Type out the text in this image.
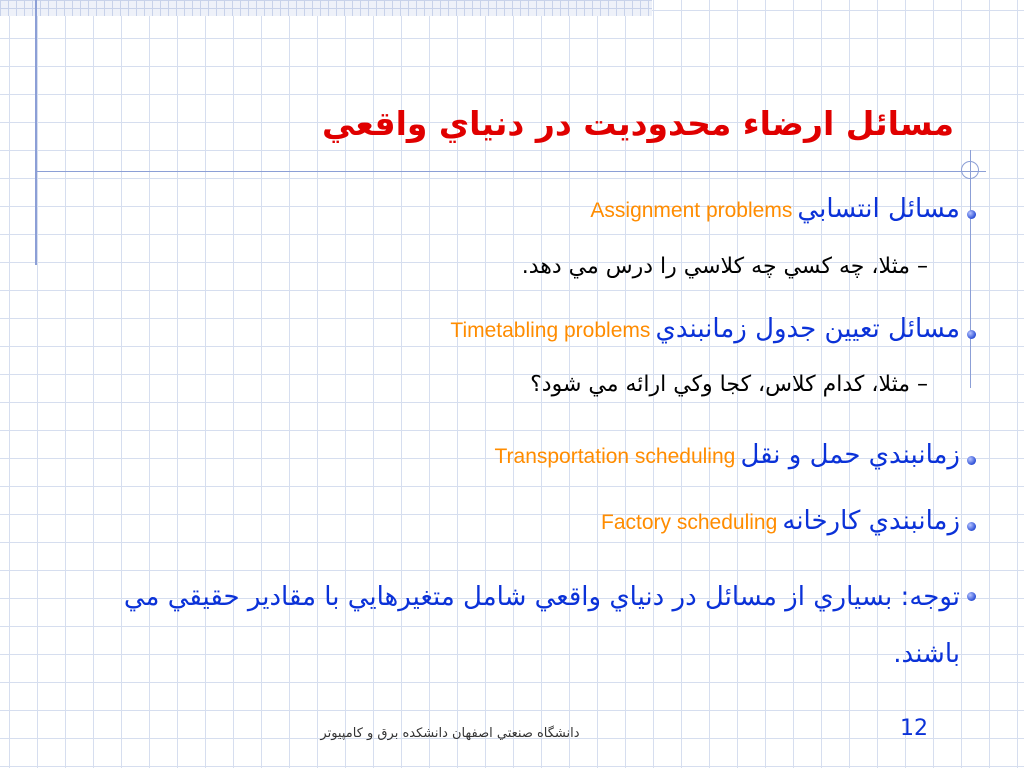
مسائل ارضاء محدوديت در دنياي واقعي
مسائل انتسابي Assignment problems
– مثلا، چه کسي چه کلاسي را درس مي دهد.
مسائل تعيين جدول زمانبندي Timetabling problems
– مثلا، کدام کلاس، کجا وکي ارائه مي شود؟
زمانبندي حمل و نقل Transportation scheduling
زمانبندي کارخانه Factory scheduling
توجه: بسياري از مسائل در دنياي واقعي شامل متغيرهايي با مقادير حقيقي مي باشند.
دانشگاه صنعتي اصفهان دانشکده برق و کامپيوتر	12
